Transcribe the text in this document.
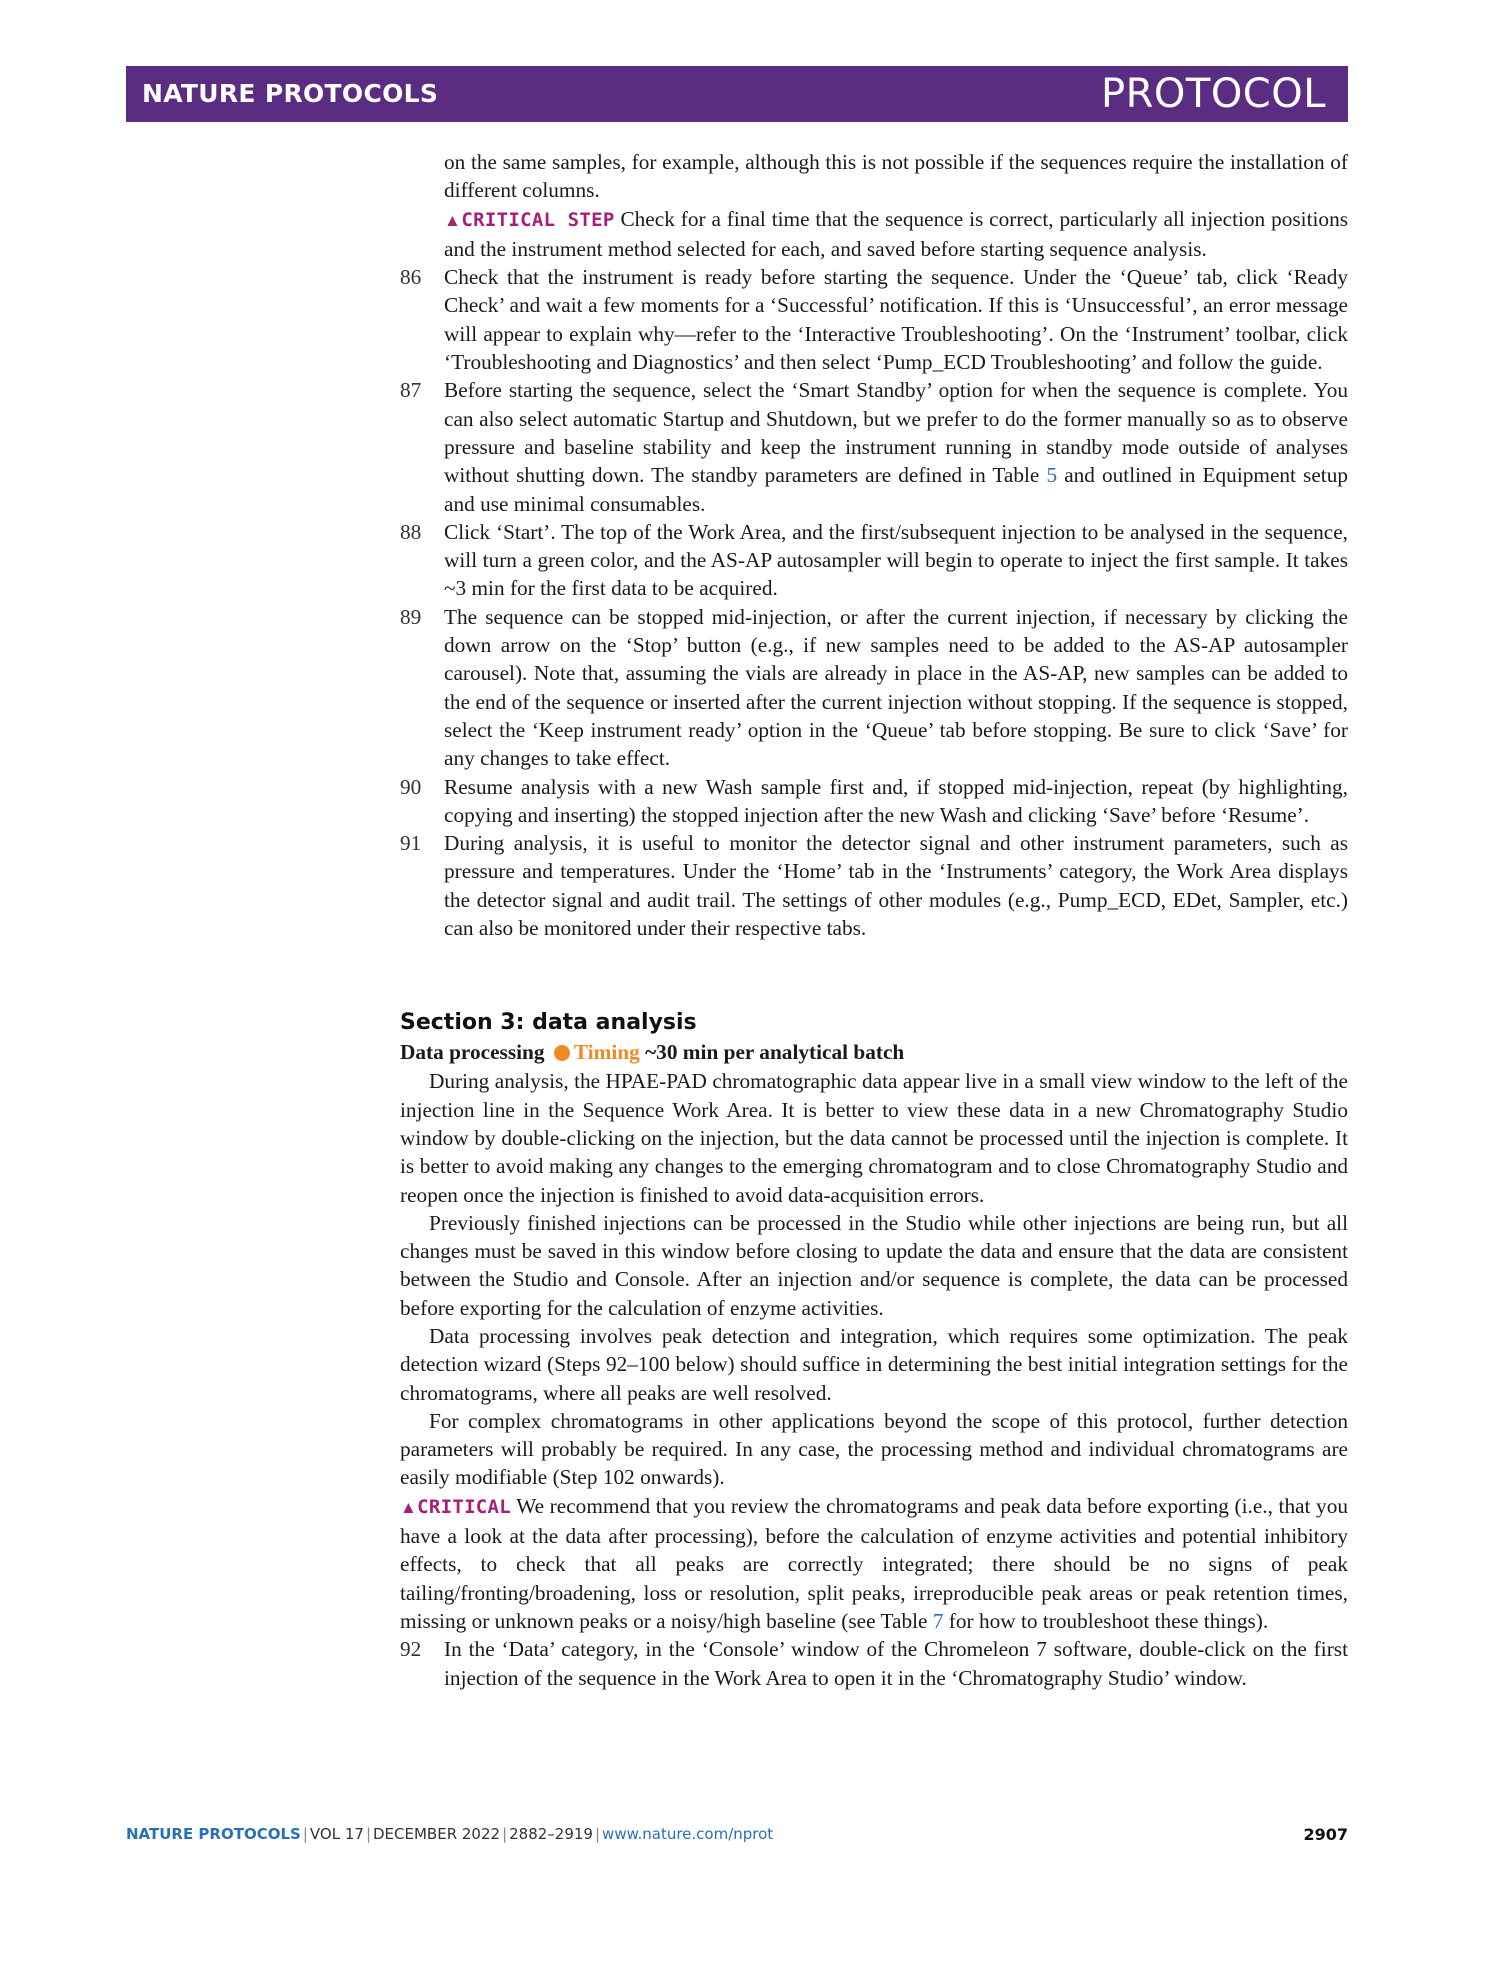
NATURE PROTOCOLS	PROTOCOL

on the same samples, for example, although this is not possible if the sequences require the installation of different columns.

▲CRITICAL STEP Check for a final time that the sequence is correct, particularly all injection positions and the instrument method selected for each, and saved before starting sequence analysis.

86 Check that the instrument is ready before starting the sequence. Under the ‘Queue’ tab, click ‘Ready Check’ and wait a few moments for a ‘Successful’ notification. If this is ‘Unsuccessful’, an error message will appear to explain why—refer to the ‘Interactive Troubleshooting’. On the ‘Instrument’ toolbar, click ‘Troubleshooting and Diagnostics’ and then select ‘Pump_ECD Troubleshooting’ and follow the guide.
87 Before starting the sequence, select the ‘Smart Standby’ option for when the sequence is complete. You can also select automatic Startup and Shutdown, but we prefer to do the former manually so as to observe pressure and baseline stability and keep the instrument running in standby mode outside of analyses without shutting down. The standby parameters are defined in Table 5 and outlined in Equipment setup and use minimal consumables.
88 Click ‘Start’. The top of the Work Area, and the first/subsequent injection to be analysed in the sequence, will turn a green color, and the AS-AP autosampler will begin to operate to inject the first sample. It takes ~3 min for the first data to be acquired.
89 The sequence can be stopped mid-injection, or after the current injection, if necessary by clicking the down arrow on the ‘Stop’ button (e.g., if new samples need to be added to the AS-AP autosampler carousel). Note that, assuming the vials are already in place in the AS-AP, new samples can be added to the end of the sequence or inserted after the current injection without stopping. If the sequence is stopped, select the ‘Keep instrument ready’ option in the ‘Queue’ tab before stopping. Be sure to click ‘Save’ for any changes to take effect.
90 Resume analysis with a new Wash sample first and, if stopped mid-injection, repeat (by highlighting, copying and inserting) the stopped injection after the new Wash and clicking ‘Save’ before ‘Resume’.
91 During analysis, it is useful to monitor the detector signal and other instrument parameters, such as pressure and temperatures. Under the ‘Home’ tab in the ‘Instruments’ category, the Work Area displays the detector signal and audit trail. The settings of other modules (e.g., Pump_ECD, EDet, Sampler, etc.) can also be monitored under their respective tabs.
Section 3: data analysis

Data processing Timing ~30 min per analytical batch

During analysis, the HPAE-PAD chromatographic data appear live in a small view window to the left of the injection line in the Sequence Work Area. It is better to view these data in a new Chromatography Studio window by double-clicking on the injection, but the data cannot be processed until the injection is complete. It is better to avoid making any changes to the emerging chromatogram and to close Chromatography Studio and reopen once the injection is finished to avoid data-acquisition errors.

Previously finished injections can be processed in the Studio while other injections are being run, but all changes must be saved in this window before closing to update the data and ensure that the data are consistent between the Studio and Console. After an injection and/or sequence is complete, the data can be processed before exporting for the calculation of enzyme activities.

Data processing involves peak detection and integration, which requires some optimization. The peak detection wizard (Steps 92–100 below) should suffice in determining the best initial integration settings for the chromatograms, where all peaks are well resolved.

For complex chromatograms in other applications beyond the scope of this protocol, further detection parameters will probably be required. In any case, the processing method and individual chromatograms are easily modifiable (Step 102 onwards).

▲CRITICAL We recommend that you review the chromatograms and peak data before exporting (i.e., that you have a look at the data after processing), before the calculation of enzyme activities and potential inhibitory effects, to check that all peaks are correctly integrated; there should be no signs of peak tailing/fronting/broadening, loss or resolution, split peaks, irreproducible peak areas or peak retention times, missing or unknown peaks or a noisy/high baseline (see Table 7 for how to troubleshoot these things).

92 In the ‘Data’ category, in the ‘Console’ window of the Chromeleon 7 software, double-click on the first injection of the sequence in the Work Area to open it in the ‘Chromatography Studio’ window.
NATURE PROTOCOLS | VOL 17 | DECEMBER 2022 | 2882–2919 | www.nature.com/nprot	2907
